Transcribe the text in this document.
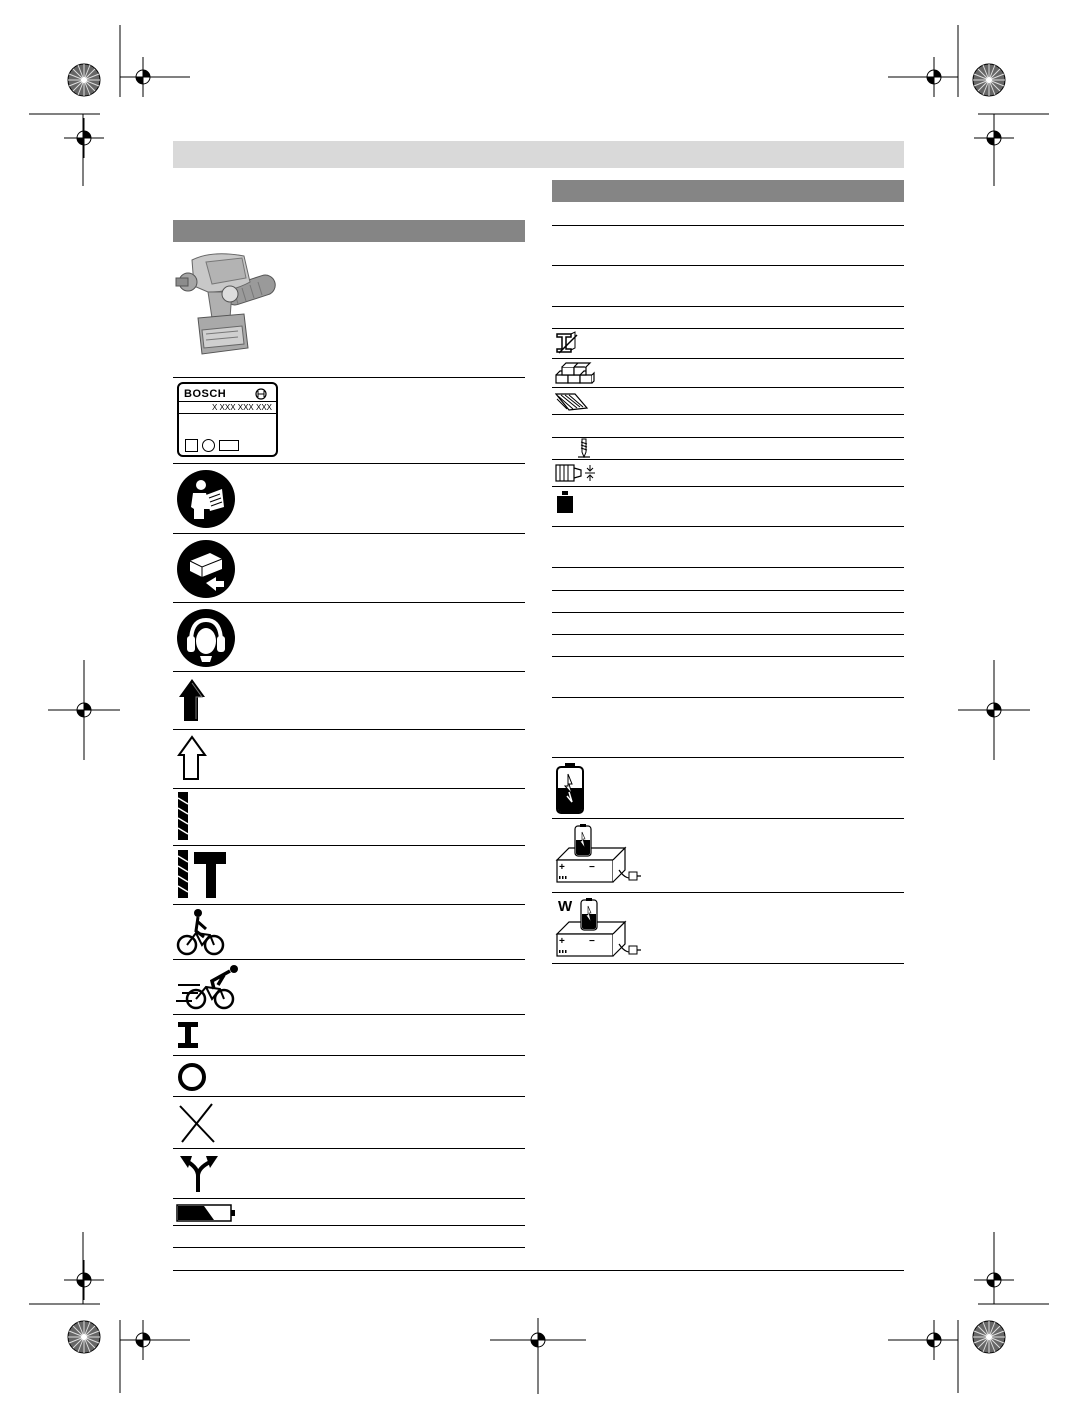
BOSCH
X XXX XXX XXX
+ −
W
+ −
